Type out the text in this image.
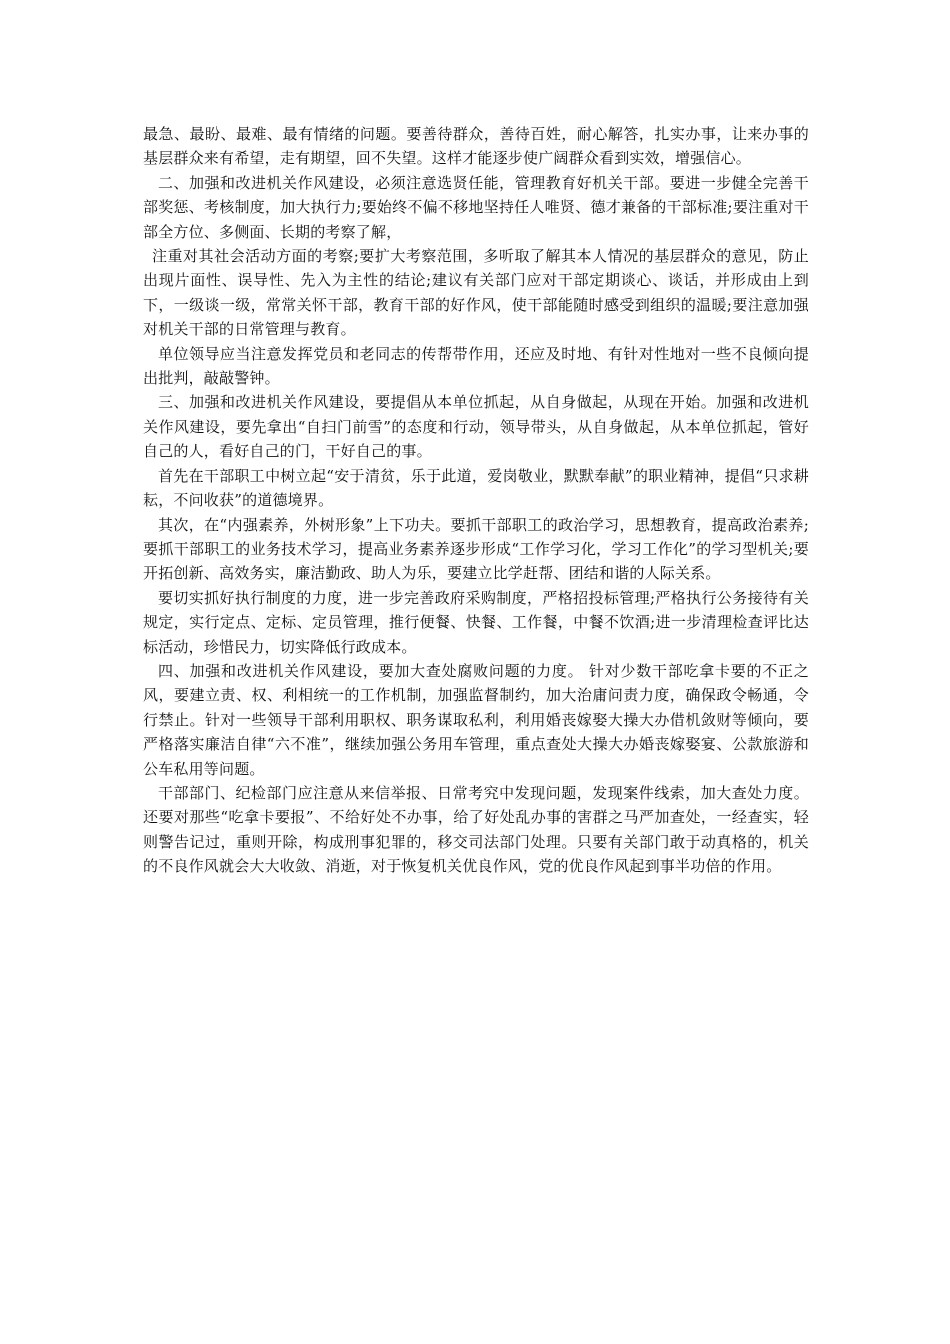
最急、最盼、最难、最有情绪的问题。要善待群众，善待百姓，耐心解答，扎实办事，让来办事的基层群众来有希望，走有期望，回不失望。这样才能逐步使广阔群众看到实效，增强信心。

二、加强和改进机关作风建设，必须注意选贤任能，管理教育好机关干部。要进一步健全完善干部奖惩、考核制度，加大执行力;要始终不偏不移地坚持任人唯贤、德才兼备的干部标准;要注重对干部全方位、多侧面、长期的考察了解，

注重对其社会活动方面的考察;要扩大考察范围，多听取了解其本人情况的基层群众的意见，防止出现片面性、误导性、先入为主性的结论;建议有关部门应对干部定期谈心、谈话，并形成由上到下，一级谈一级，常常关怀干部，教育干部的好作风，使干部能随时感受到组织的温暖;要注意加强对机关干部的日常管理与教育。

单位领导应当注意发挥党员和老同志的传帮带作用，还应及时地、有针对性地对一些不良倾向提出批判，敲敲警钟。

三、加强和改进机关作风建设，要提倡从本单位抓起，从自身做起，从现在开始。加强和改进机关作风建设，要先拿出“自扫门前雪”的态度和行动，领导带头，从自身做起，从本单位抓起，管好自己的人，看好自己的门，干好自己的事。

首先在干部职工中树立起“安于清贫，乐于此道，爱岗敬业，默默奉献”的职业精神，提倡“只求耕耘，不问收获”的道德境界。

其次，在“内强素养，外树形象”上下功夫。要抓干部职工的政治学习，思想教育，提高政治素养;要抓干部职工的业务技术学习，提高业务素养逐步形成“工作学习化，学习工作化”的学习型机关;要开拓创新、高效务实，廉洁勤政、助人为乐，要建立比学赶帮、团结和谐的人际关系。

要切实抓好执行制度的力度，进一步完善政府采购制度，严格招投标管理;严格执行公务接待有关规定，实行定点、定标、定员管理，推行便餐、快餐、工作餐，中餐不饮酒;进一步清理检查评比达标活动，珍惜民力，切实降低行政成本。

四、加强和改进机关作风建设，要加大查处腐败问题的力度。 针对少数干部吃拿卡要的不正之风，要建立责、权、利相统一的工作机制，加强监督制约，加大治庸问责力度，确保政令畅通，令行禁止。针对一些领导干部利用职权、职务谋取私利，利用婚丧嫁娶大操大办借机敛财等倾向，要严格落实廉洁自律“六不准”，继续加强公务用车管理，重点查处大操大办婚丧嫁娶宴、公款旅游和公车私用等问题。

干部部门、纪检部门应注意从来信举报、日常考究中发现问题，发现案件线索，加大查处力度。还要对那些“吃拿卡要报”、不给好处不办事，给了好处乱办事的害群之马严加查处，一经查实，轻则警告记过，重则开除，构成刑事犯罪的，移交司法部门处理。只要有关部门敢于动真格的，机关的不良作风就会大大收敛、消逝，对于恢复机关优良作风，党的优良作风起到事半功倍的作用。
